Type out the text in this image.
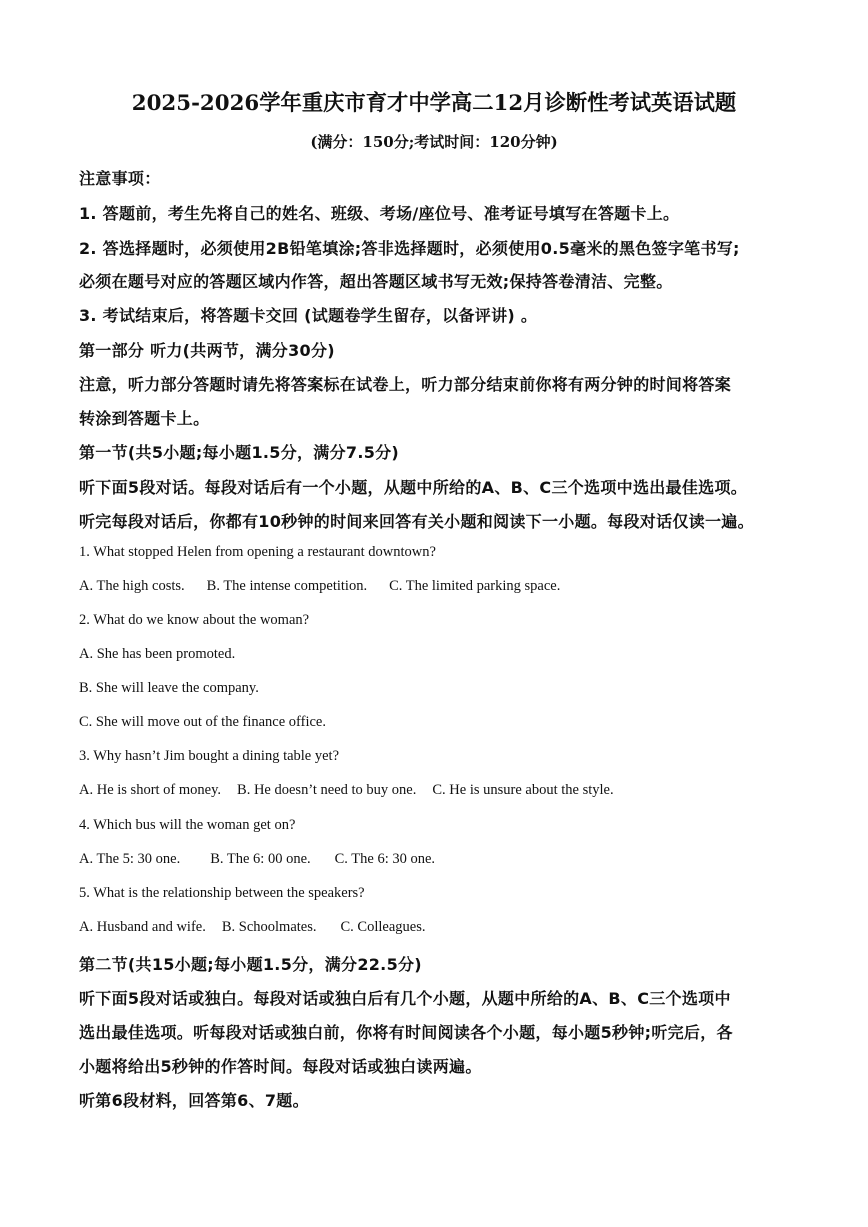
2025-2026学年重庆市育才中学高二12月诊断性考试英语试题
(满分：150分;考试时间：120分钟)
注意事项：
1. 答题前，考生先将自己的姓名、班级、考场/座位号、准考证号填写在答题卡上。
2. 答选择题时，必须使用2B铅笔填涂;答非选择题时，必须使用0.5毫米的黑色签字笔书写;
必须在题号对应的答题区域内作答，超出答题区域书写无效;保持答卷清洁、完整。
3. 考试结束后，将答题卡交回 (试题卷学生留存，以备评讲) 。
第一部分 听力(共两节，满分30分)
注意，听力部分答题时请先将答案标在试卷上，听力部分结束前你将有两分钟的时间将答案
转涂到答题卡上。
第一节(共5小题;每小题1.5分，满分7.5分)
听下面5段对话。每段对话后有一个小题，从题中所给的A、B、C三个选项中选出最佳选项。
听完每段对话后，你都有10秒钟的时间来回答有关小题和阅读下一小题。每段对话仅读一遍。
1. What stopped Helen from opening a restaurant downtown?
A. The high costs. B. The intense competition. C. The limited parking space.
2. What do we know about the woman?
A. She has been promoted.
B. She will leave the company.
C. She will move out of the finance office.
3. Why hasn’t Jim bought a dining table yet?
A. He is short of money. B. He doesn’t need to buy one. C. He is unsure about the style.
4. Which bus will the woman get on?
A. The 5: 30 one. B. The 6: 00 one. C. The 6: 30 one.
5. What is the relationship between the speakers?
A. Husband and wife. B. Schoolmates. C. Colleagues.
第二节(共15小题;每小题1.5分，满分22.5分)
听下面5段对话或独白。每段对话或独白后有几个小题，从题中所给的A、B、C三个选项中
选出最佳选项。听每段对话或独白前，你将有时间阅读各个小题，每小题5秒钟;听完后，各
小题将给出5秒钟的作答时间。每段对话或独白读两遍。
听第6段材料，回答第6、7题。
